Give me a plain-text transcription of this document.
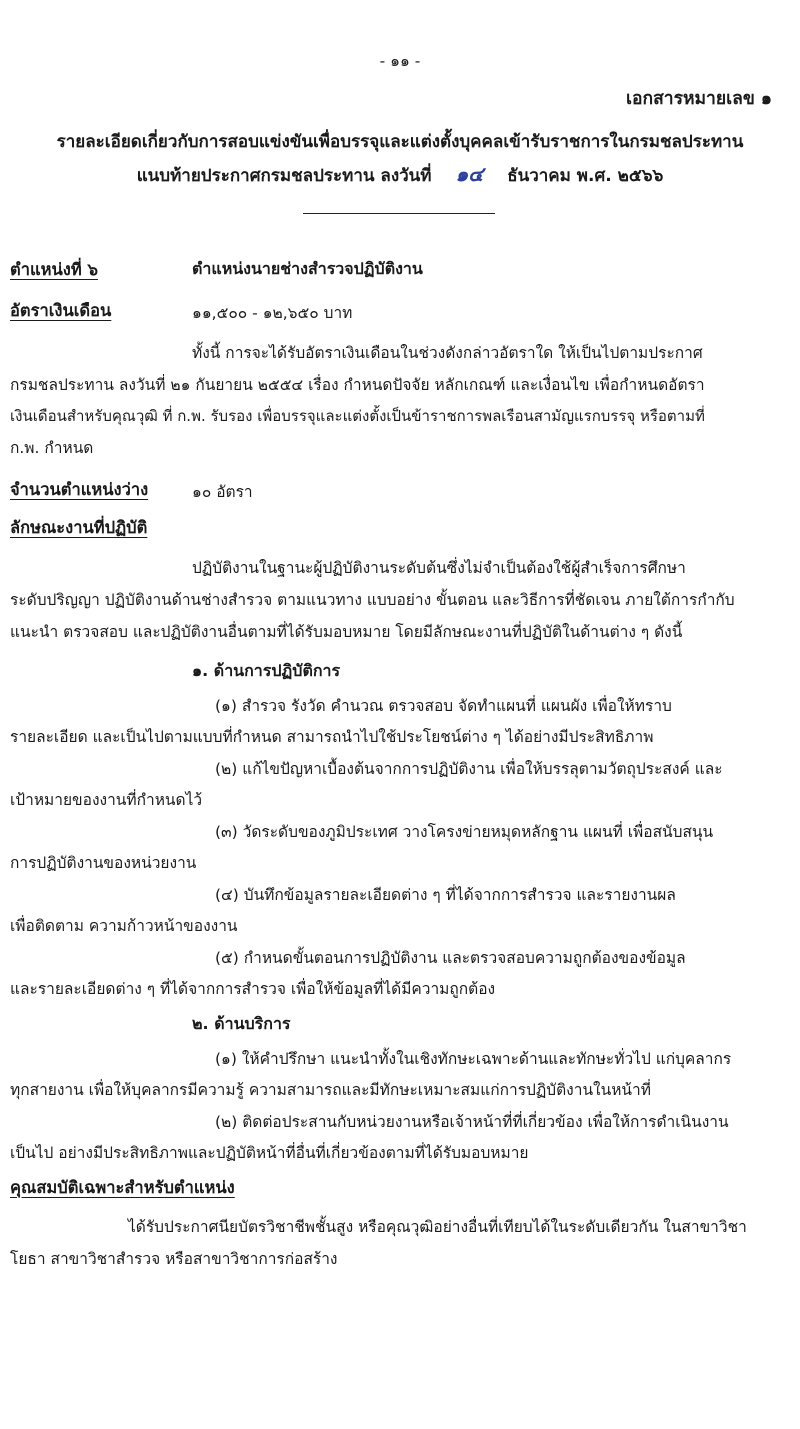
- ๑๑ -
เอกสารหมายเลข ๑
รายละเอียดเกี่ยวกับการสอบแข่งขันเพื่อบรรจุและแต่งตั้งบุคคลเข้ารับราชการในกรมชลประทาน
แนบท้ายประกาศกรมชลประทาน ลงวันที่ ๑๔ ธันวาคม พ.ศ. ๒๕๖๖
ตำแหน่งที่ ๖	ตำแหน่งนายช่างสำรวจปฏิบัติงาน
อัตราเงินเดือน	๑๑,๕๐๐ - ๑๒,๖๕๐ บาท
ทั้งนี้ การจะได้รับอัตราเงินเดือนในช่วงดังกล่าวอัตราใด ให้เป็นไปตามประกาศ
กรมชลประทาน ลงวันที่ ๒๑ กันยายน ๒๕๕๔ เรื่อง กำหนดปัจจัย หลักเกณฑ์ และเงื่อนไข เพื่อกำหนดอัตรา
เงินเดือนสำหรับคุณวุฒิ ที่ ก.พ. รับรอง เพื่อบรรจุและแต่งตั้งเป็นข้าราชการพลเรือนสามัญแรกบรรจุ หรือตามที่
ก.พ. กำหนด
จำนวนตำแหน่งว่าง	๑๐ อัตรา
ลักษณะงานที่ปฏิบัติ
ปฏิบัติงานในฐานะผู้ปฏิบัติงานระดับต้นซึ่งไม่จำเป็นต้องใช้ผู้สำเร็จการศึกษา
ระดับปริญญา ปฏิบัติงานด้านช่างสำรวจ ตามแนวทาง แบบอย่าง ขั้นตอน และวิธีการที่ชัดเจน ภายใต้การกำกับ
แนะนำ ตรวจสอบ และปฏิบัติงานอื่นตามที่ได้รับมอบหมาย โดยมีลักษณะงานที่ปฏิบัติในด้านต่าง ๆ ดังนี้
๑. ด้านการปฏิบัติการ
(๑) สำรวจ รังวัด คำนวณ ตรวจสอบ จัดทำแผนที่ แผนผัง เพื่อให้ทราบ
รายละเอียด และเป็นไปตามแบบที่กำหนด สามารถนำไปใช้ประโยชน์ต่าง ๆ ได้อย่างมีประสิทธิภาพ
(๒) แก้ไขปัญหาเบื้องต้นจากการปฏิบัติงาน เพื่อให้บรรลุตามวัตถุประสงค์ และ
เป้าหมายของงานที่กำหนดไว้
(๓) วัดระดับของภูมิประเทศ วางโครงข่ายหมุดหลักฐาน แผนที่ เพื่อสนับสนุน
การปฏิบัติงานของหน่วยงาน
(๔) บันทึกข้อมูลรายละเอียดต่าง ๆ ที่ได้จากการสำรวจ และรายงานผล
เพื่อติดตาม ความก้าวหน้าของงาน
(๕) กำหนดขั้นตอนการปฏิบัติงาน และตรวจสอบความถูกต้องของข้อมูล
และรายละเอียดต่าง ๆ ที่ได้จากการสำรวจ เพื่อให้ข้อมูลที่ได้มีความถูกต้อง
๒. ด้านบริการ
(๑) ให้คำปรึกษา แนะนำทั้งในเชิงทักษะเฉพาะด้านและทักษะทั่วไป แก่บุคลากร
ทุกสายงาน เพื่อให้บุคลากรมีความรู้ ความสามารถและมีทักษะเหมาะสมแก่การปฏิบัติงานในหน้าที่
(๒) ติดต่อประสานกับหน่วยงานหรือเจ้าหน้าที่ที่เกี่ยวข้อง เพื่อให้การดำเนินงาน
เป็นไป อย่างมีประสิทธิภาพและปฏิบัติหน้าที่อื่นที่เกี่ยวข้องตามที่ได้รับมอบหมาย
คุณสมบัติเฉพาะสำหรับตำแหน่ง
ได้รับประกาศนียบัตรวิชาชีพชั้นสูง หรือคุณวุฒิอย่างอื่นที่เทียบได้ในระดับเดียวกัน ในสาขาวิชา
โยธา สาขาวิชาสำรวจ หรือสาขาวิชาการก่อสร้าง
